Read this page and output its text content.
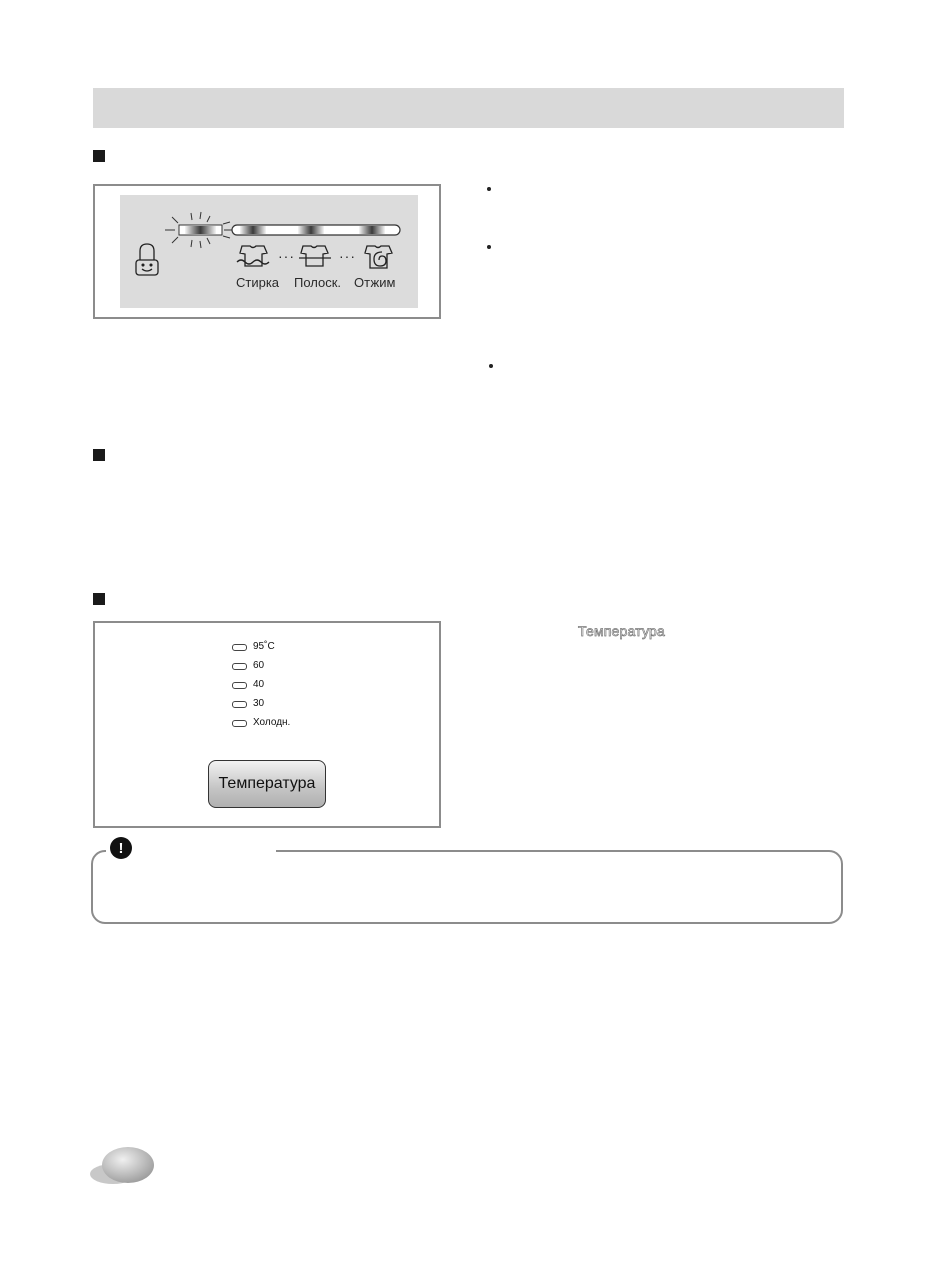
···	···
Стирка Полоск. Отжим
95˚C
60
40
30
Холодн.
Температура
Температура
!
